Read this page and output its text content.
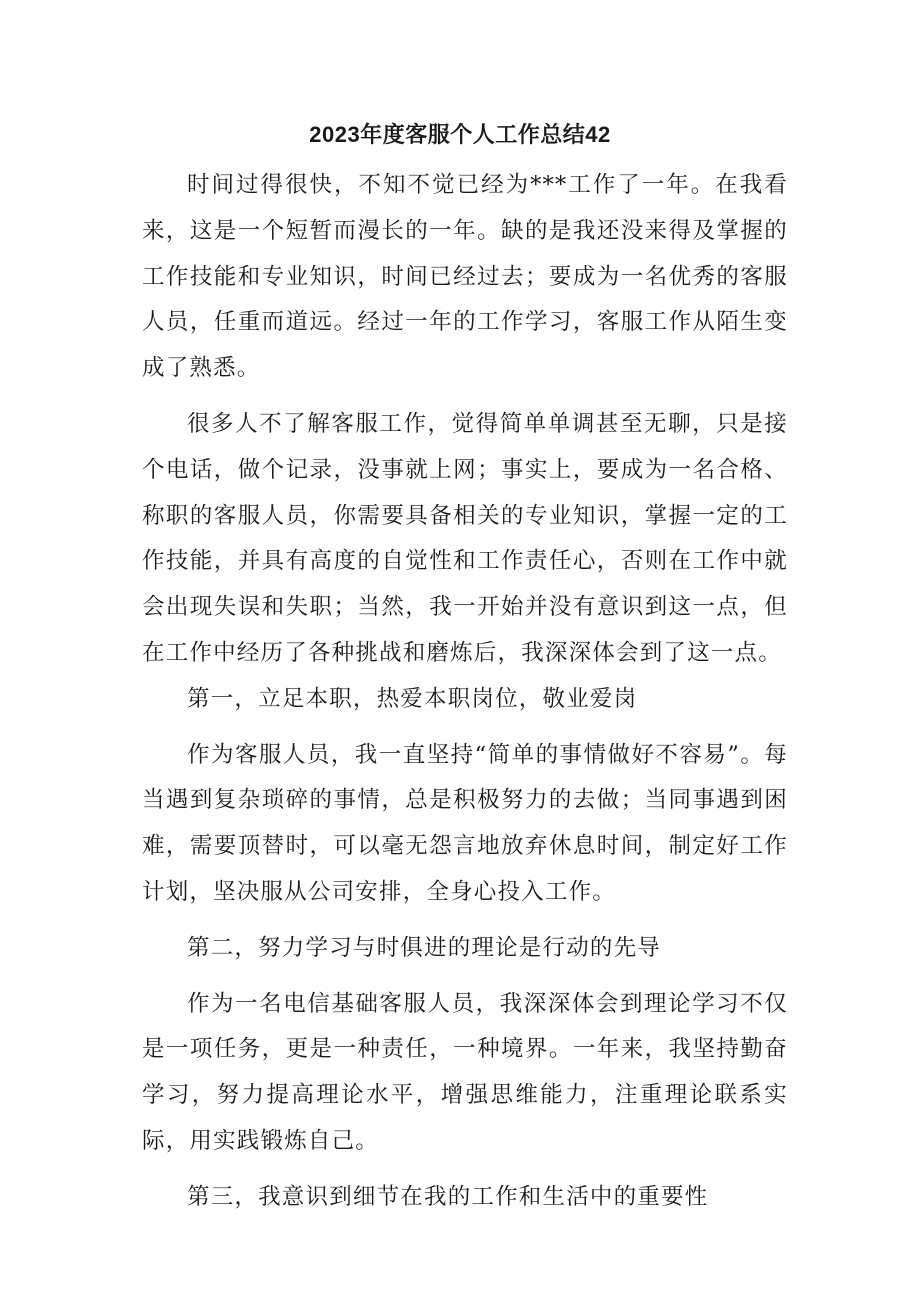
2023年度客服个人工作总结42

时间过得很快，不知不觉已经为***工作了一年。在我看来，这是一个短暂而漫长的一年。缺的是我还没来得及掌握的工作技能和专业知识，时间已经过去；要成为一名优秀的客服人员，任重而道远。经过一年的工作学习，客服工作从陌生变成了熟悉。

很多人不了解客服工作，觉得简单单调甚至无聊，只是接个电话，做个记录，没事就上网；事实上，要成为一名合格、称职的客服人员，你需要具备相关的专业知识，掌握一定的工作技能，并具有高度的自觉性和工作责任心，否则在工作中就会出现失误和失职；当然，我一开始并没有意识到这一点，但在工作中经历了各种挑战和磨炼后，我深深体会到了这一点。

第一，立足本职，热爱本职岗位，敬业爱岗

作为客服人员，我一直坚持“简单的事情做好不容易”。每当遇到复杂琐碎的事情，总是积极努力的去做；当同事遇到困难，需要顶替时，可以毫无怨言地放弃休息时间，制定好工作计划，坚决服从公司安排，全身心投入工作。

第二，努力学习与时俱进的理论是行动的先导

作为一名电信基础客服人员，我深深体会到理论学习不仅是一项任务，更是一种责任，一种境界。一年来，我坚持勤奋学习，努力提高理论水平，增强思维能力，注重理论联系实际，用实践锻炼自己。

第三，我意识到细节在我的工作和生活中的重要性
